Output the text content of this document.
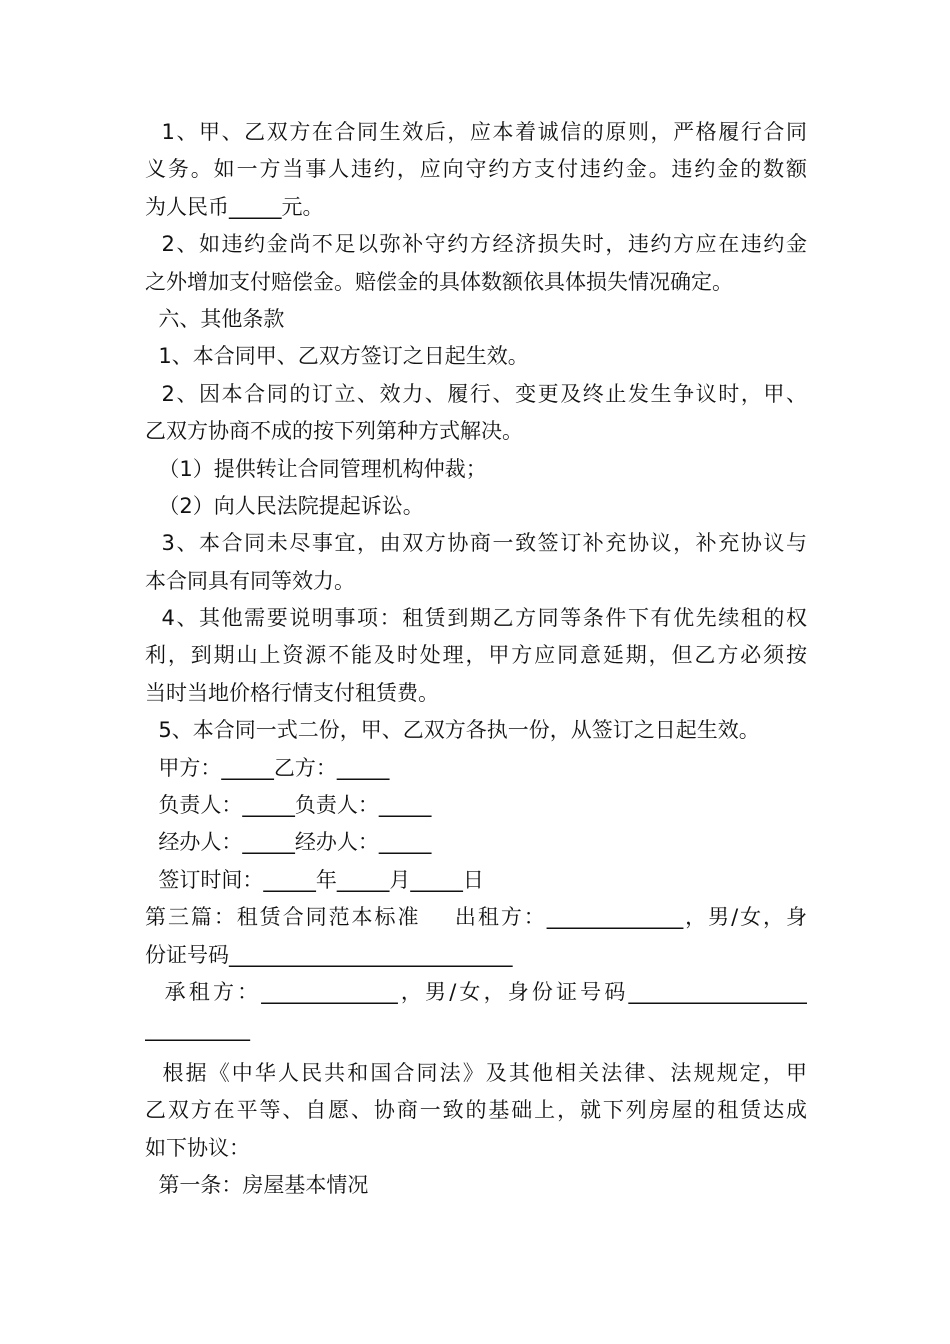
1、甲、乙双方在合同生效后，应本着诚信的原则，严格履行合同
义务。如一方当事人违约，应向守约方支付违约金。违约金的数额
为人民币_____元。
2、如违约金尚不足以弥补守约方经济损失时，违约方应在违约金
之外增加支付赔偿金。赔偿金的具体数额依具体损失情况确定。
六、其他条款
1、本合同甲、乙双方签订之日起生效。
2、因本合同的订立、效力、履行、变更及终止发生争议时，甲、
乙双方协商不成的按下列第种方式解决。
（1）提供转让合同管理机构仲裁；
（2）向人民法院提起诉讼。
3、本合同未尽事宜，由双方协商一致签订补充协议，补充协议与
本合同具有同等效力。
4、其他需要说明事项：租赁到期乙方同等条件下有优先续租的权
利，到期山上资源不能及时处理，甲方应同意延期，但乙方必须按
当时当地价格行情支付租赁费。
5、本合同一式二份，甲、乙双方各执一份，从签订之日起生效。
甲方：_____乙方：_____
负责人：_____负责人：_____
经办人：_____经办人：_____
签订时间：_____年_____月_____日
第三篇：租赁合同范本标准    出租方：_____________，男/女，身
份证号码___________________________
承租方：_____________，男/女，身份证号码_________________
__________
根据《中华人民共和国合同法》及其他相关法律、法规规定，甲
乙双方在平等、自愿、协商一致的基础上，就下列房屋的租赁达成
如下协议：
第一条：房屋基本情况
